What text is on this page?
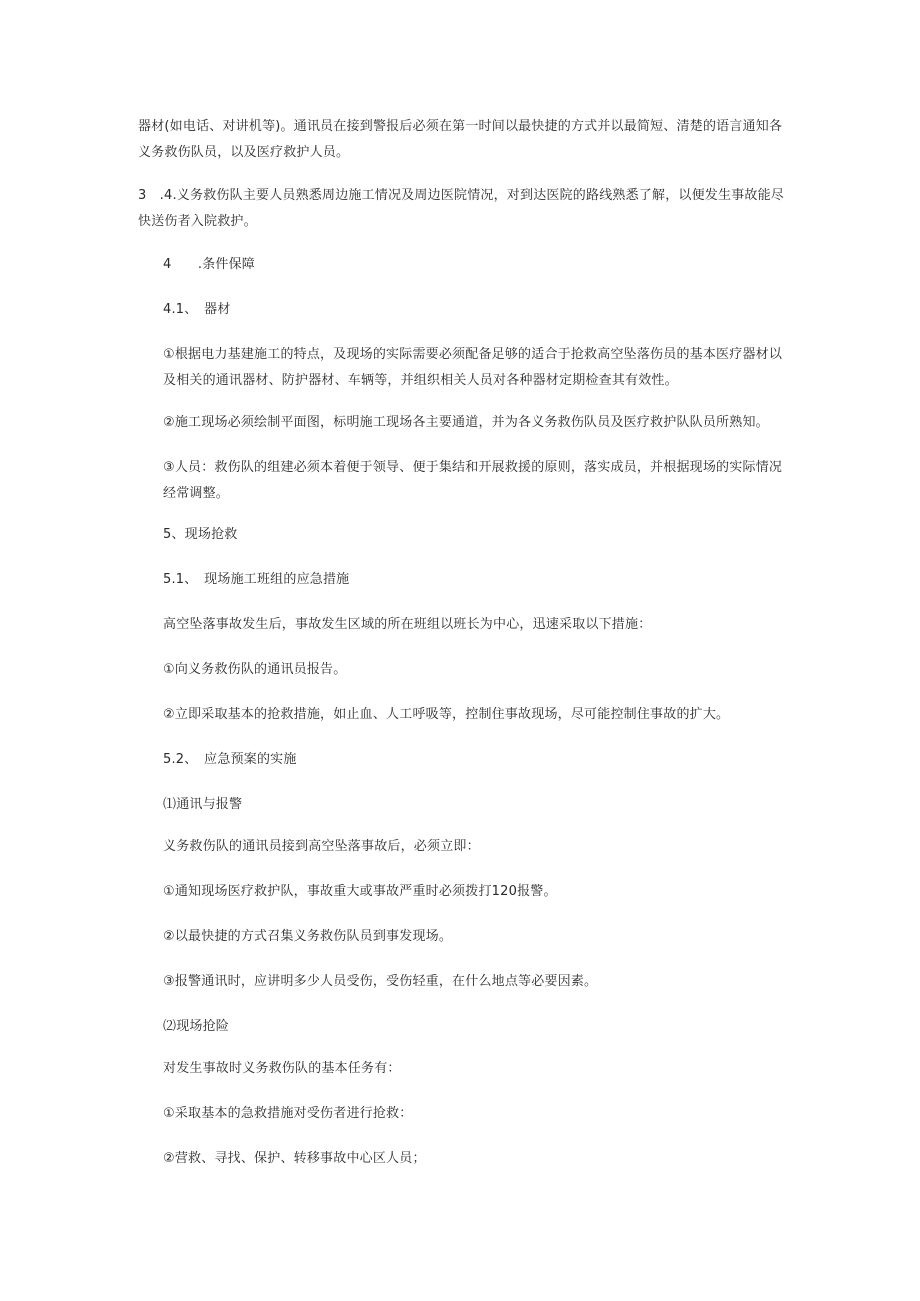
器材(如电话、对讲机等)。通讯员在接到警报后必须在第一时间以最快捷的方式并以最简短、清楚的语言通知各义务救伤队员，以及医疗救护人员。
3　.4.义务救伤队主要人员熟悉周边施工情况及周边医院情况，对到达医院的路线熟悉了解，以便发生事故能尽快送伤者入院救护。
4　　.条件保障
4.1、　器材
①根据电力基建施工的特点，及现场的实际需要必须配备足够的适合于抢救高空坠落伤员的基本医疗器材以及相关的通讯器材、防护器材、车辆等，并组织相关人员对各种器材定期检查其有效性。
②施工现场必须绘制平面图，标明施工现场各主要通道，并为各义务救伤队员及医疗救护队队员所熟知。
③人员：救伤队的组建必须本着便于领导、便于集结和开展救援的原则，落实成员，并根据现场的实际情况经常调整。
5、现场抢救
5.1、　现场施工班组的应急措施
高空坠落事故发生后，事故发生区域的所在班组以班长为中心，迅速采取以下措施：
①向义务救伤队的通讯员报告。
②立即采取基本的抢救措施，如止血、人工呼吸等，控制住事故现场，尽可能控制住事故的扩大。
5.2、　应急预案的实施
⑴通讯与报警
义务救伤队的通讯员接到高空坠落事故后，必须立即：
①通知现场医疗救护队，事故重大或事故严重时必须拨打120报警。
②以最快捷的方式召集义务救伤队员到事发现场。
③报警通讯时，应讲明多少人员受伤，受伤轻重，在什么地点等必要因素。
⑵现场抢险
对发生事故时义务救伤队的基本任务有：
①采取基本的急救措施对受伤者进行抢救：
②营救、寻找、保护、转移事故中心区人员；
